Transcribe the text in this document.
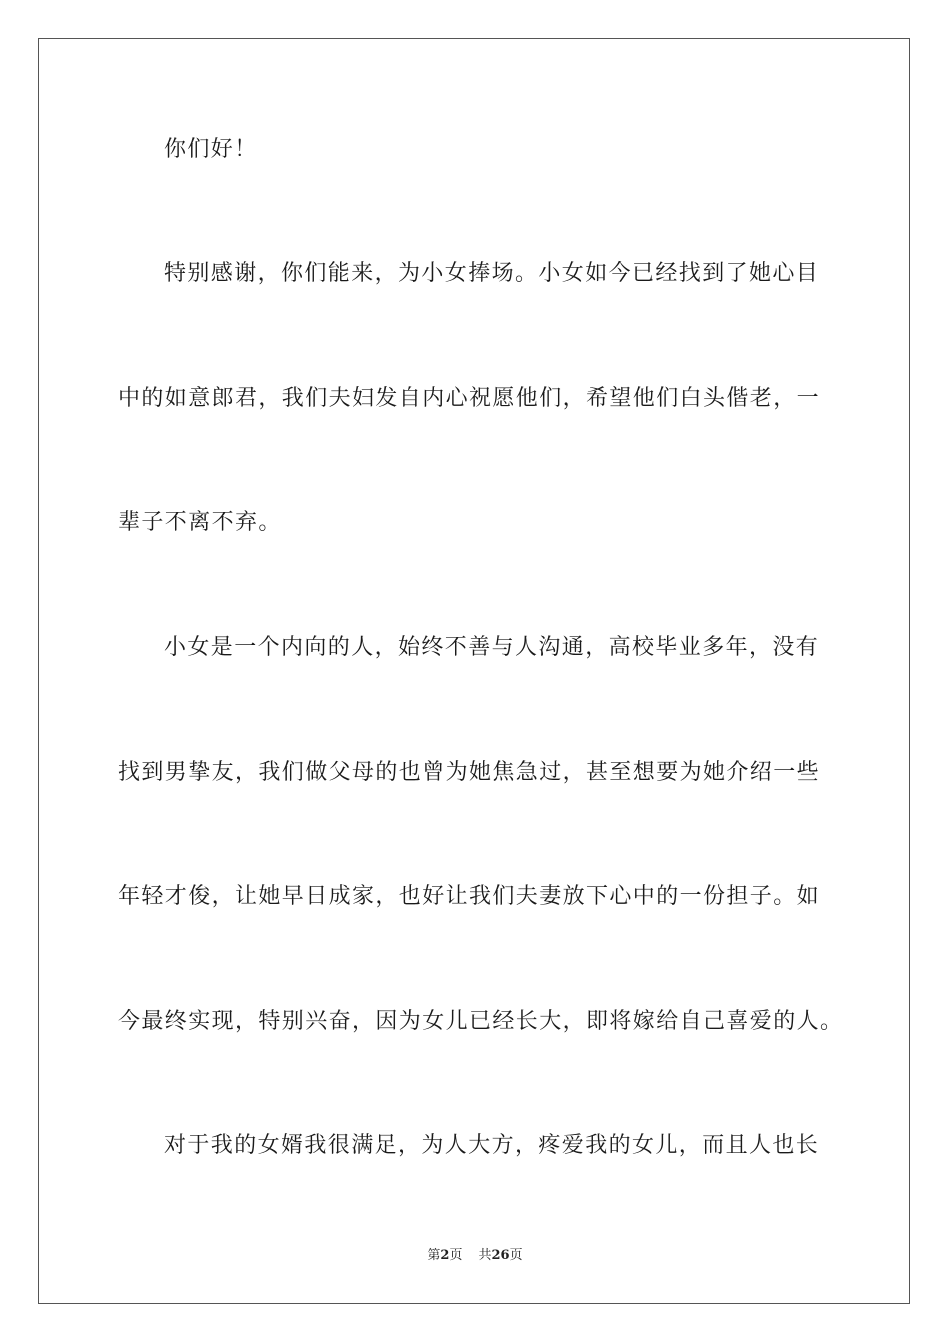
你们好！
特别感谢，你们能来，为小女捧场。小女如今已经找到了她心目
中的如意郎君，我们夫妇发自内心祝愿他们，希望他们白头偕老，一
辈子不离不弃。
小女是一个内向的人，始终不善与人沟通，高校毕业多年，没有
找到男挚友，我们做父母的也曾为她焦急过，甚至想要为她介绍一些
年轻才俊，让她早日成家，也好让我们夫妻放下心中的一份担子。如
今最终实现，特别兴奋，因为女儿已经长大，即将嫁给自己喜爱的人。
对于我的女婿我很满足，为人大方，疼爱我的女儿，而且人也长
第2页 共26页
